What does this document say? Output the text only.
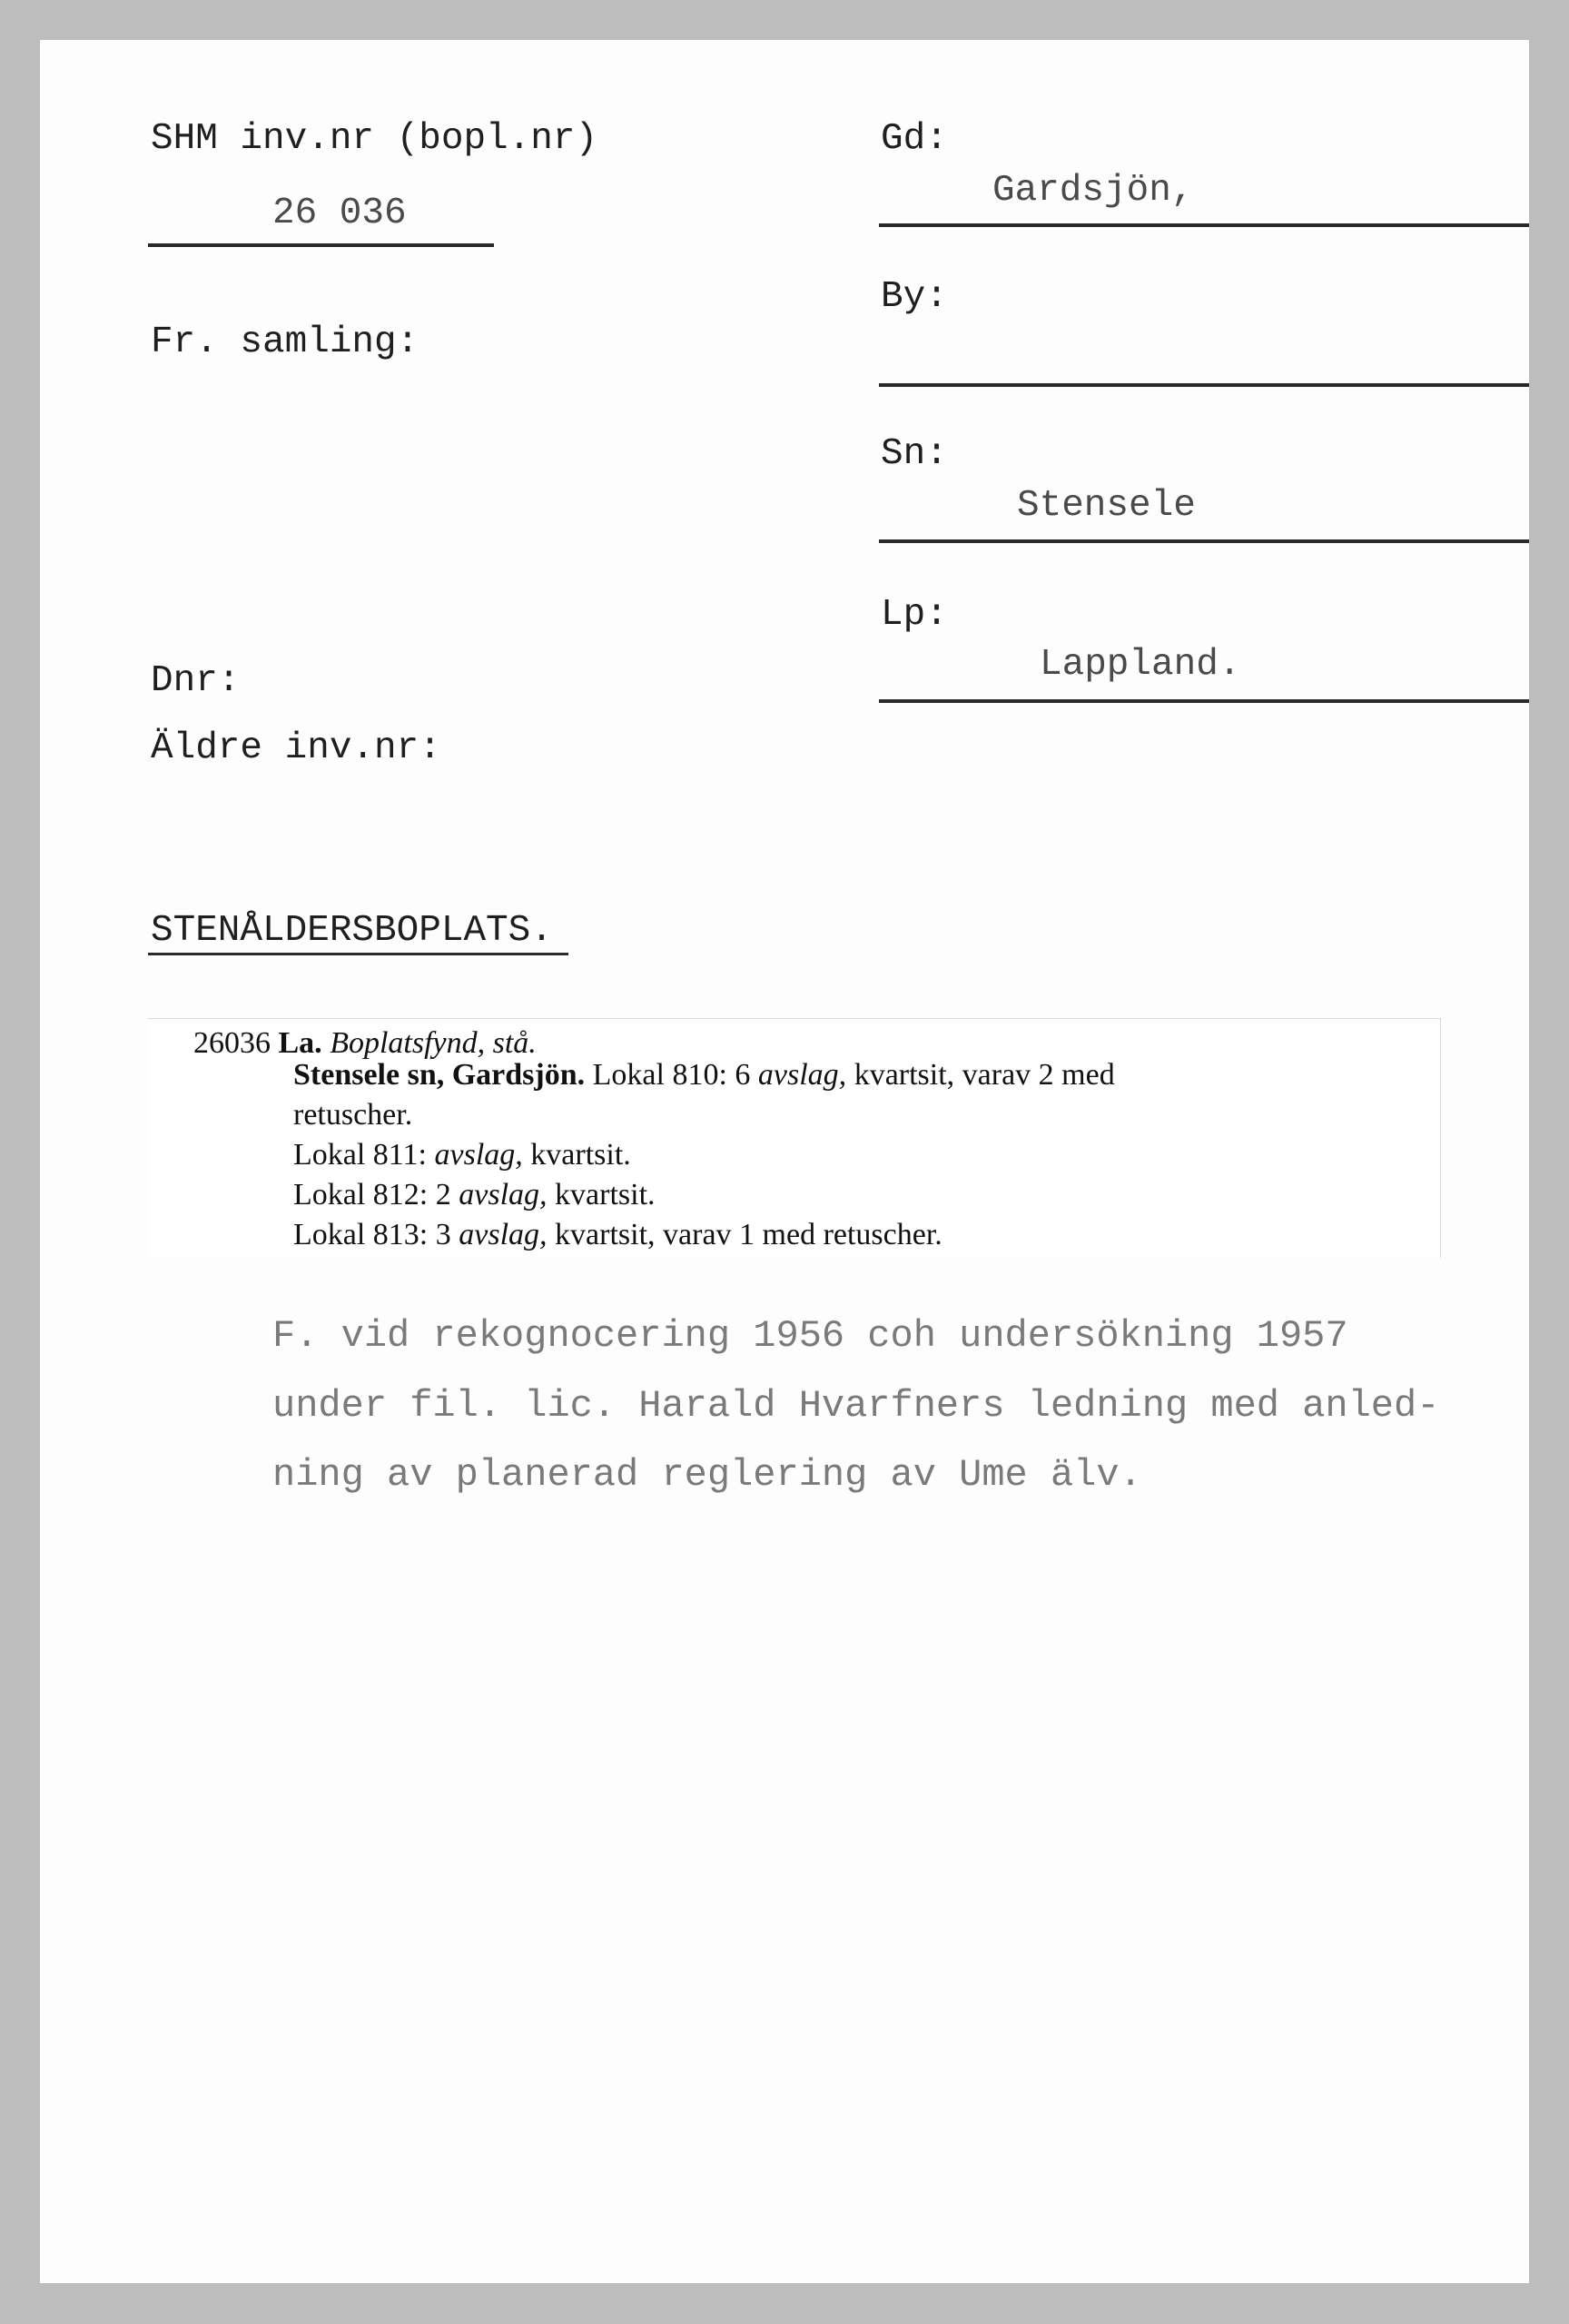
SHM inv.nr (bopl.nr)
26 036
Fr. samling:
Dnr:
Äldre inv.nr:
STENÅLDERSBOPLATS.
Gd:
Gardsjön,
By:
Sn:
Stensele
Lp:
Lappland.
26036 La. Boplatsfynd, stå.
Stensele sn, Gardsjön. Lokal 810: 6 avslag, kvartsit, varav 2 med
retuscher.
Lokal 811: avslag, kvartsit.
Lokal 812: 2 avslag, kvartsit.
Lokal 813: 3 avslag, kvartsit, varav 1 med retuscher.
F. vid rekognocering 1956 coh undersökning 1957
under fil. lic. Harald Hvarfners ledning med anled-
ning av planerad reglering av Ume älv.
